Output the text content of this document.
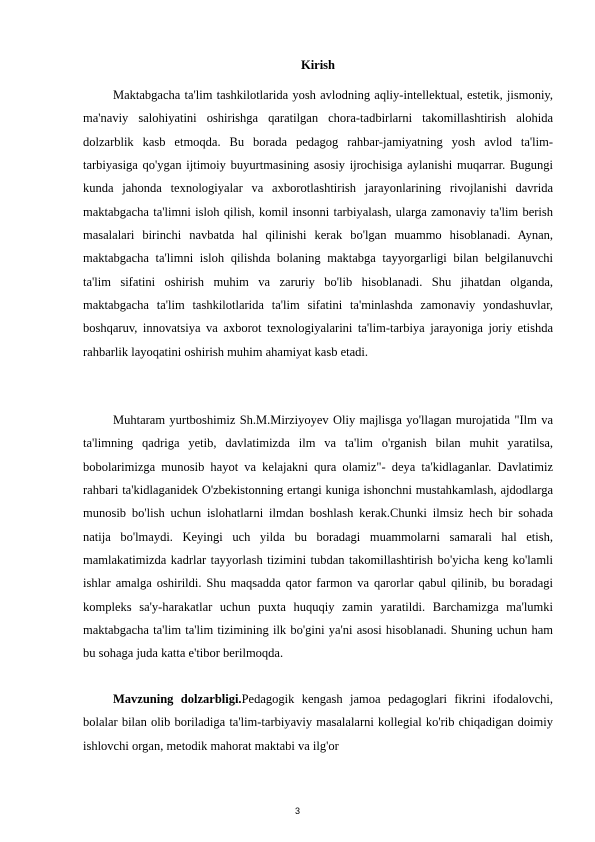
Kirish

Maktabgacha ta'lim tashkilotlarida yosh avlodning aqliy-intellektual, estetik, jismoniy, ma'naviy salohiyatini oshirishga qaratilgan chora-tadbirlarni takomillashtirish alohida dolzarblik kasb etmoqda. Bu borada pedagog rahbar-jamiyatning yosh avlod ta'lim-tarbiyasiga qo'ygan ijtimoiy buyurtmasining asosiy ijrochisiga aylanishi muqarrar. Bugungi kunda jahonda texnologiyalar va axborotlashtirish jarayonlarining rivojlanishi davrida maktabgacha ta'limni isloh qilish, komil insonni tarbiyalash, ularga zamonaviy ta'lim berish masalalari birinchi navbatda hal qilinishi kerak bo'lgan muammo hisoblanadi. Aynan, maktabgacha ta'limni isloh qilishda bolaning maktabga tayyorgarligi bilan belgilanuvchi ta'lim sifatini oshirish muhim va zaruriy bo'lib hisoblanadi. Shu jihatdan olganda, maktabgacha ta'lim tashkilotlarida ta'lim sifatini ta'minlashda zamonaviy yondashuvlar, boshqaruv, innovatsiya va axborot texnologiyalarini ta'lim-tarbiya jarayoniga joriy etishda rahbarlik layoqatini oshirish muhim ahamiyat kasb etadi.

Muhtaram yurtboshimiz Sh.M.Mirziyoyev Oliy majlisga yo'llagan murojatida "Ilm va ta'limning qadriga yetib, davlatimizda ilm va ta'lim o'rganish bilan muhit yaratilsa, bobolarimizga munosib hayot va kelajakni qura olamiz"- deya ta'kidlaganlar. Davlatimiz rahbari ta'kidlaganidek O'zbekistonning ertangi kuniga ishonchni mustahkamlash, ajdodlarga munosib bo'lish uchun islohatlarni ilmdan boshlash kerak.Chunki ilmsiz hech bir sohada natija bo'lmaydi. Keyingi uch yilda bu boradagi muammolarni samarali hal etish, mamlakatimizda kadrlar tayyorlash tizimini tubdan takomillashtirish bo'yicha keng ko'lamli ishlar amalga oshirildi. Shu maqsadda qator farmon va qarorlar qabul qilinib, bu boradagi kompleks sa'y-harakatlar uchun puxta huquqiy zamin yaratildi. Barchamizga ma'lumki maktabgacha ta'lim ta'lim tizimining ilk bo'gini ya'ni asosi hisoblanadi. Shuning uchun ham bu sohaga juda katta e'tibor berilmoqda.

Mavzuning dolzarbligi.Pedagogik kengash jamoa pedagoglari fikrini ifodalovchi, bolalar bilan olib boriladiga ta'lim-tarbiyaviy masalalarni kollegial ko'rib chiqadigan doimiy ishlovchi organ, metodik mahorat maktabi va ilg'or

3
